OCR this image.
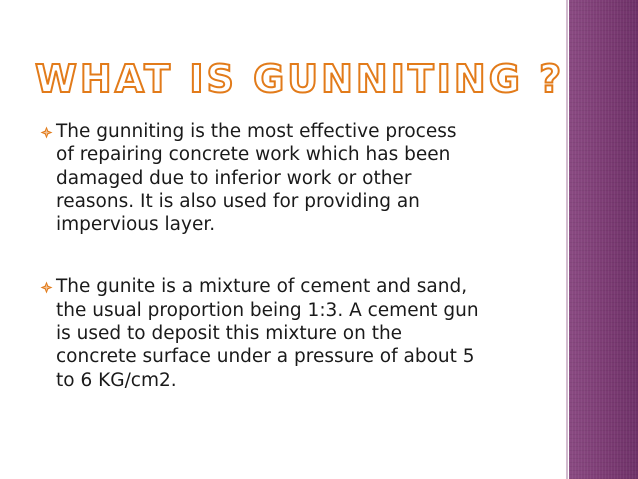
WHAT IS GUNNITING ?
The gunniting is the most effective process
of repairing concrete work which has been
damaged due to inferior work or other
reasons. It is also used for providing an
impervious layer.
The gunite is a mixture of cement and sand,
the usual proportion being 1:3. A cement gun
is used to deposit this mixture on the
concrete surface under a pressure of about 5
to 6 KG/cm2.
